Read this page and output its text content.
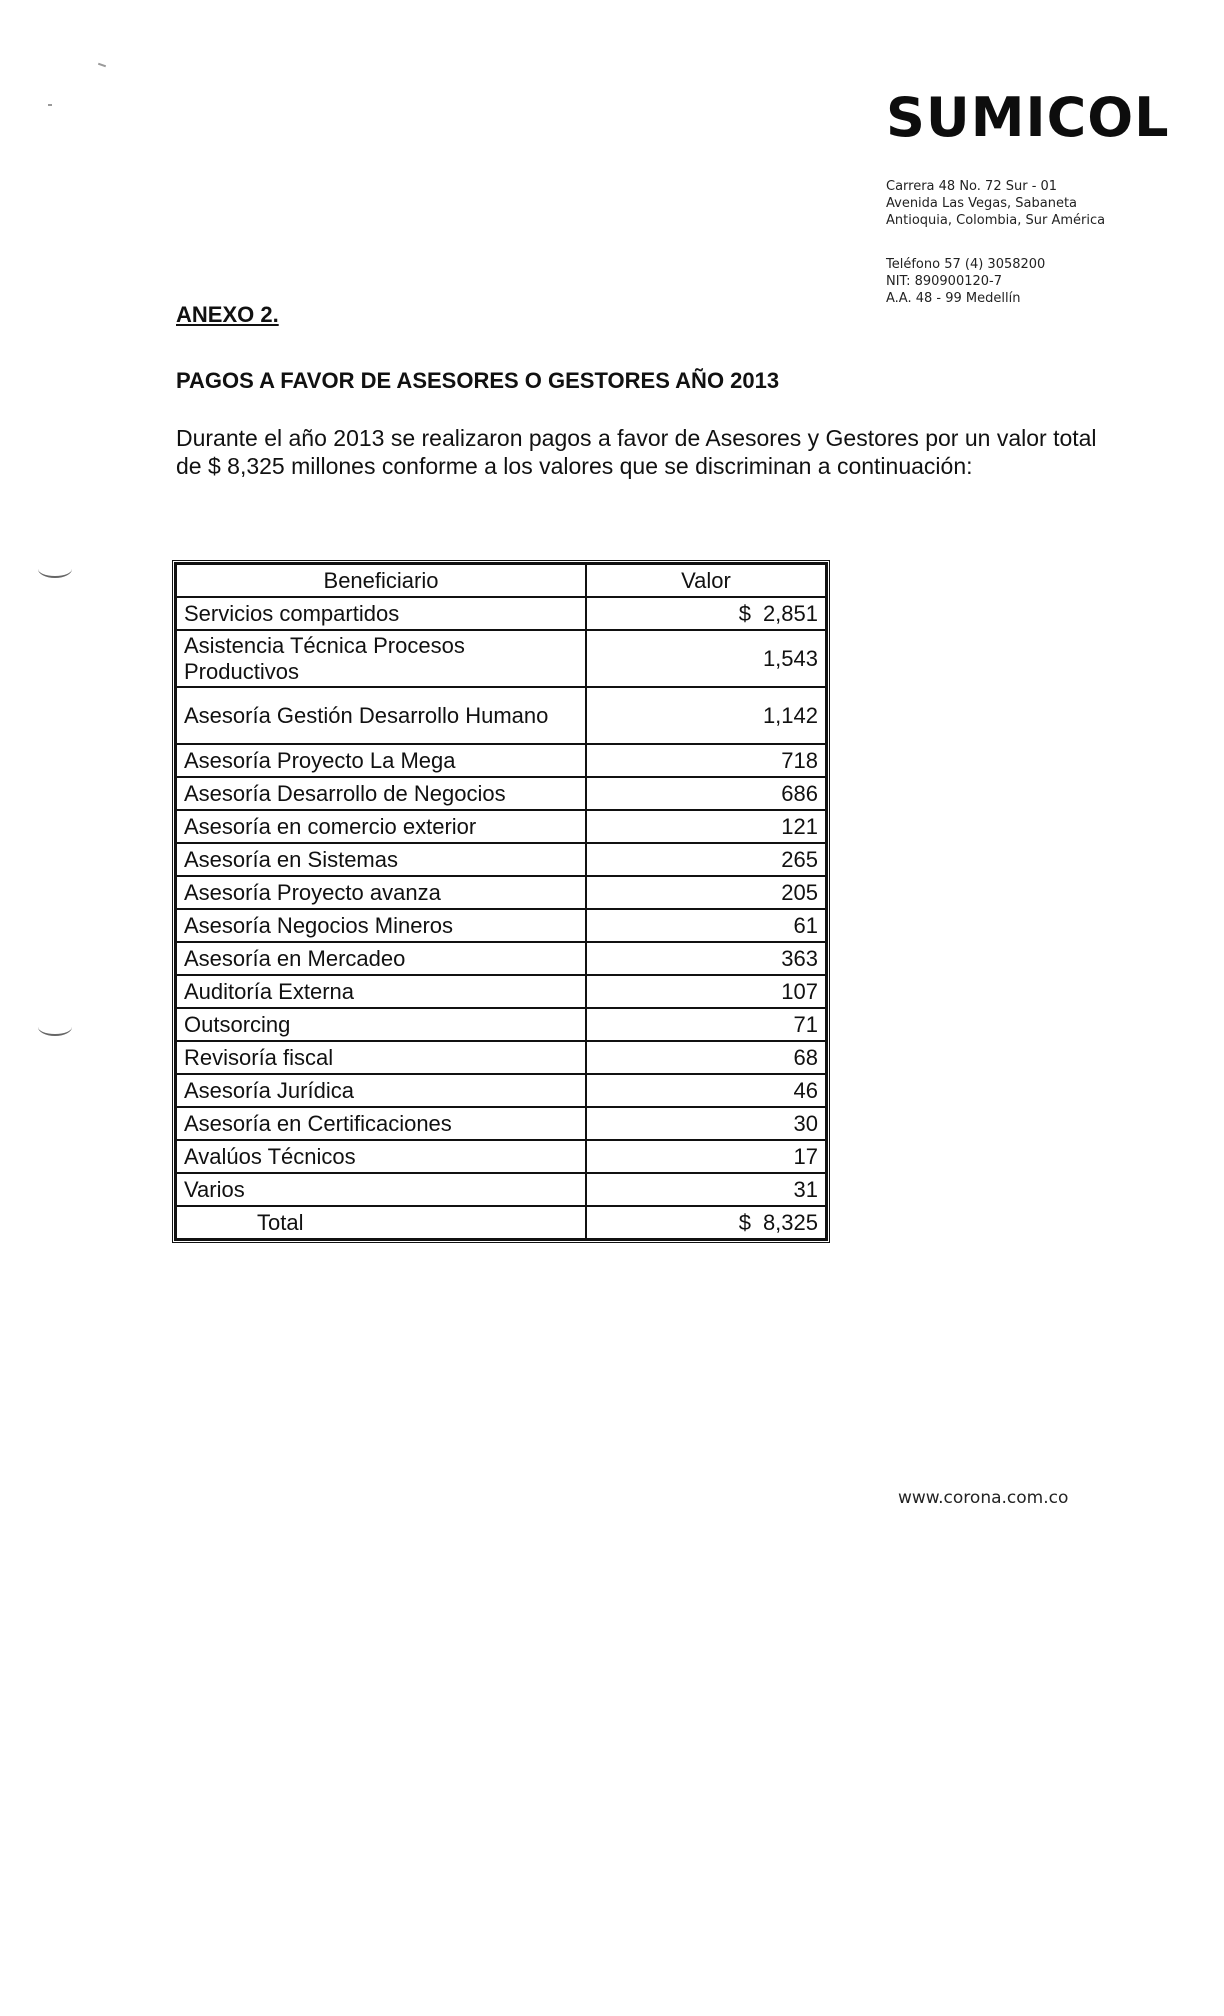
SUMICOL
Carrera 48 No. 72 Sur - 01
Avenida Las Vegas, Sabaneta
Antioquia, Colombia, Sur América
Teléfono 57 (4) 3058200
NIT: 890900120-7
A.A. 48 - 99 Medellín
ANEXO 2.
PAGOS A FAVOR DE ASESORES O GESTORES AÑO 2013
Durante el año 2013 se realizaron pagos a favor de Asesores y Gestores por un valor total
de $ 8,325 millones conforme a los valores que se discriminan a continuación:
Beneficiario	Valor
Servicios compartidos	$ 2,851

Asistencia Técnica Procesos Productivos	1,543
Asesoría Gestión Desarrollo Humano	1,142
Asesoría Proyecto La Mega	718
Asesoría Desarrollo de Negocios	686
Asesoría en comercio exterior	121
Asesoría en Sistemas	265
Asesoría Proyecto avanza	205
Asesoría Negocios Mineros	61
Asesoría en Mercadeo	363
Auditoría Externa	107
Outsorcing	71
Revisoría fiscal	68
Asesoría Jurídica	46
Asesoría en Certificaciones	30
Avalúos Técnicos	17
Varios	31
Total	$ 8,325
www.corona.com.co
